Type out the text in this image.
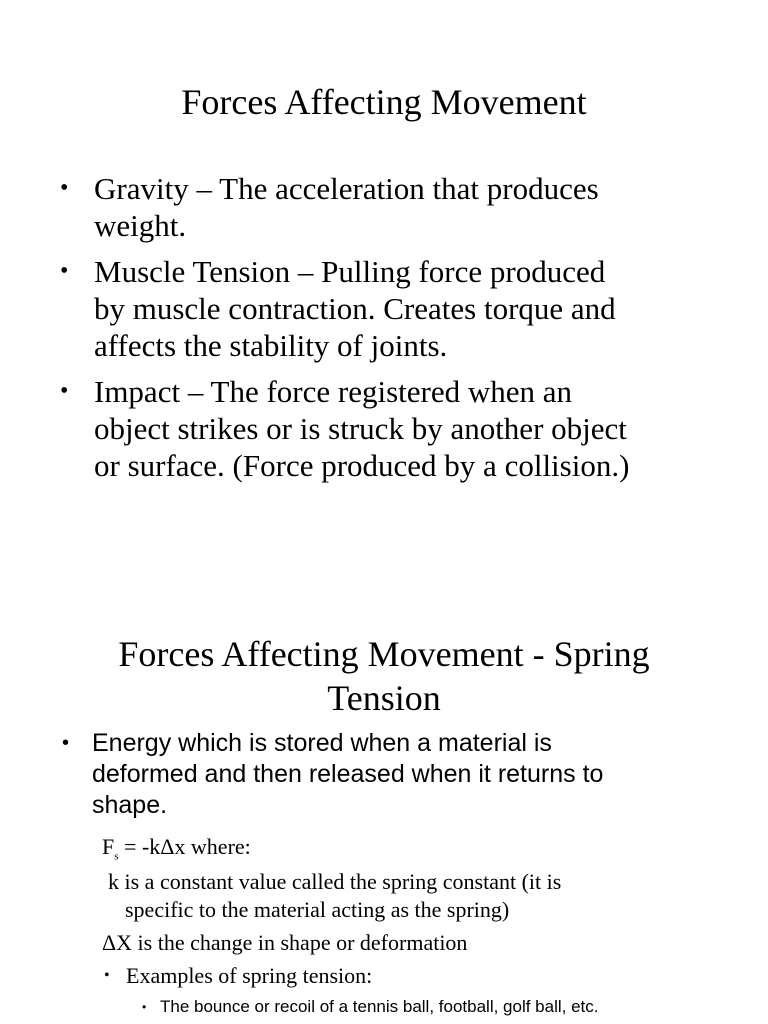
Forces Affecting Movement
• Gravity – The acceleration that produces
weight.
• Muscle Tension – Pulling force produced
by muscle contraction. Creates torque and
affects the stability of joints.
• Impact – The force registered when an
object strikes or is struck by another object
or surface. (Force produced by a collision.)
Forces Affecting Movement - Spring
Tension
• Energy which is stored when a material is
deformed and then released when it returns to
shape.
$F_s = -k\Delta x$ where:
k is a constant value called the spring constant (it is
specific to the material acting as the spring)
ΔX is the change in shape or deformation
• Examples of spring tension:
• The bounce or recoil of a tennis ball, football, golf ball, etc.
